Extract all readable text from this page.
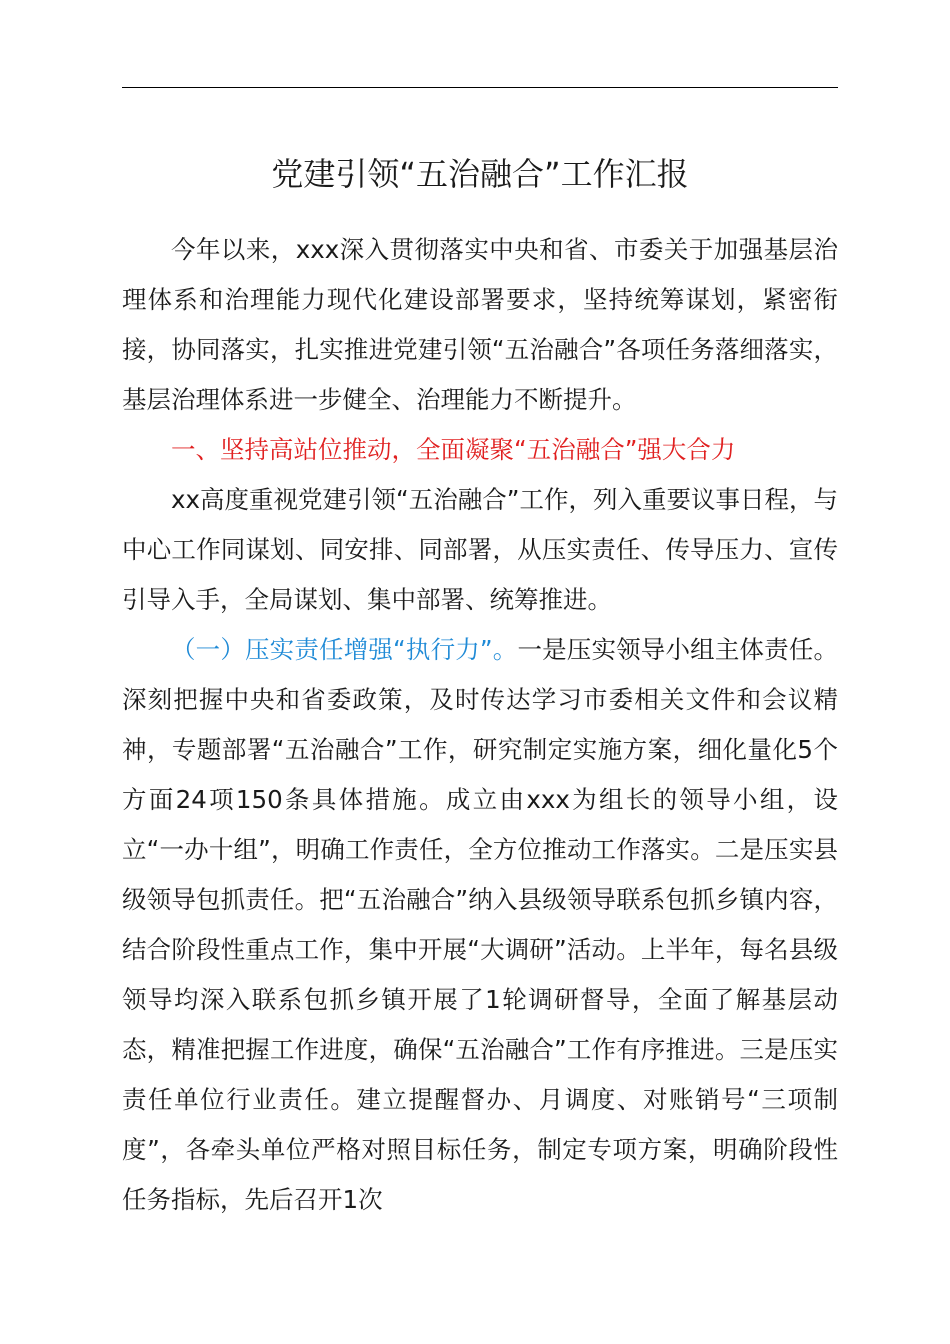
党建引领“五治融合”工作汇报

今年以来，xxx深入贯彻落实中央和省、市委关于加强基层治理体系和治理能力现代化建设部署要求，坚持统筹谋划，紧密衔接，协同落实，扎实推进党建引领“五治融合”各项任务落细落实，基层治理体系进一步健全、治理能力不断提升。

一、坚持高站位推动，全面凝聚“五治融合”强大合力

xx高度重视党建引领“五治融合”工作，列入重要议事日程，与中心工作同谋划、同安排、同部署，从压实责任、传导压力、宣传引导入手，全局谋划、集中部署、统筹推进。

（一）压实责任增强“执行力”。一是压实领导小组主体责任。深刻把握中央和省委政策，及时传达学习市委相关文件和会议精神，专题部署“五治融合”工作，研究制定实施方案，细化量化5个方面24项150条具体措施。成立由xxx为组长的领导小组，设立“一办十组”，明确工作责任，全方位推动工作落实。二是压实县级领导包抓责任。把“五治融合”纳入县级领导联系包抓乡镇内容，结合阶段性重点工作，集中开展“大调研”活动。上半年，每名县级领导均深入联系包抓乡镇开展了1轮调研督导，全面了解基层动态，精准把握工作进度，确保“五治融合”工作有序推进。三是压实责任单位行业责任。建立提醒督办、月调度、对账销号“三项制度”，各牵头单位严格对照目标任务，制定专项方案，明确阶段性任务指标，先后召开1次
